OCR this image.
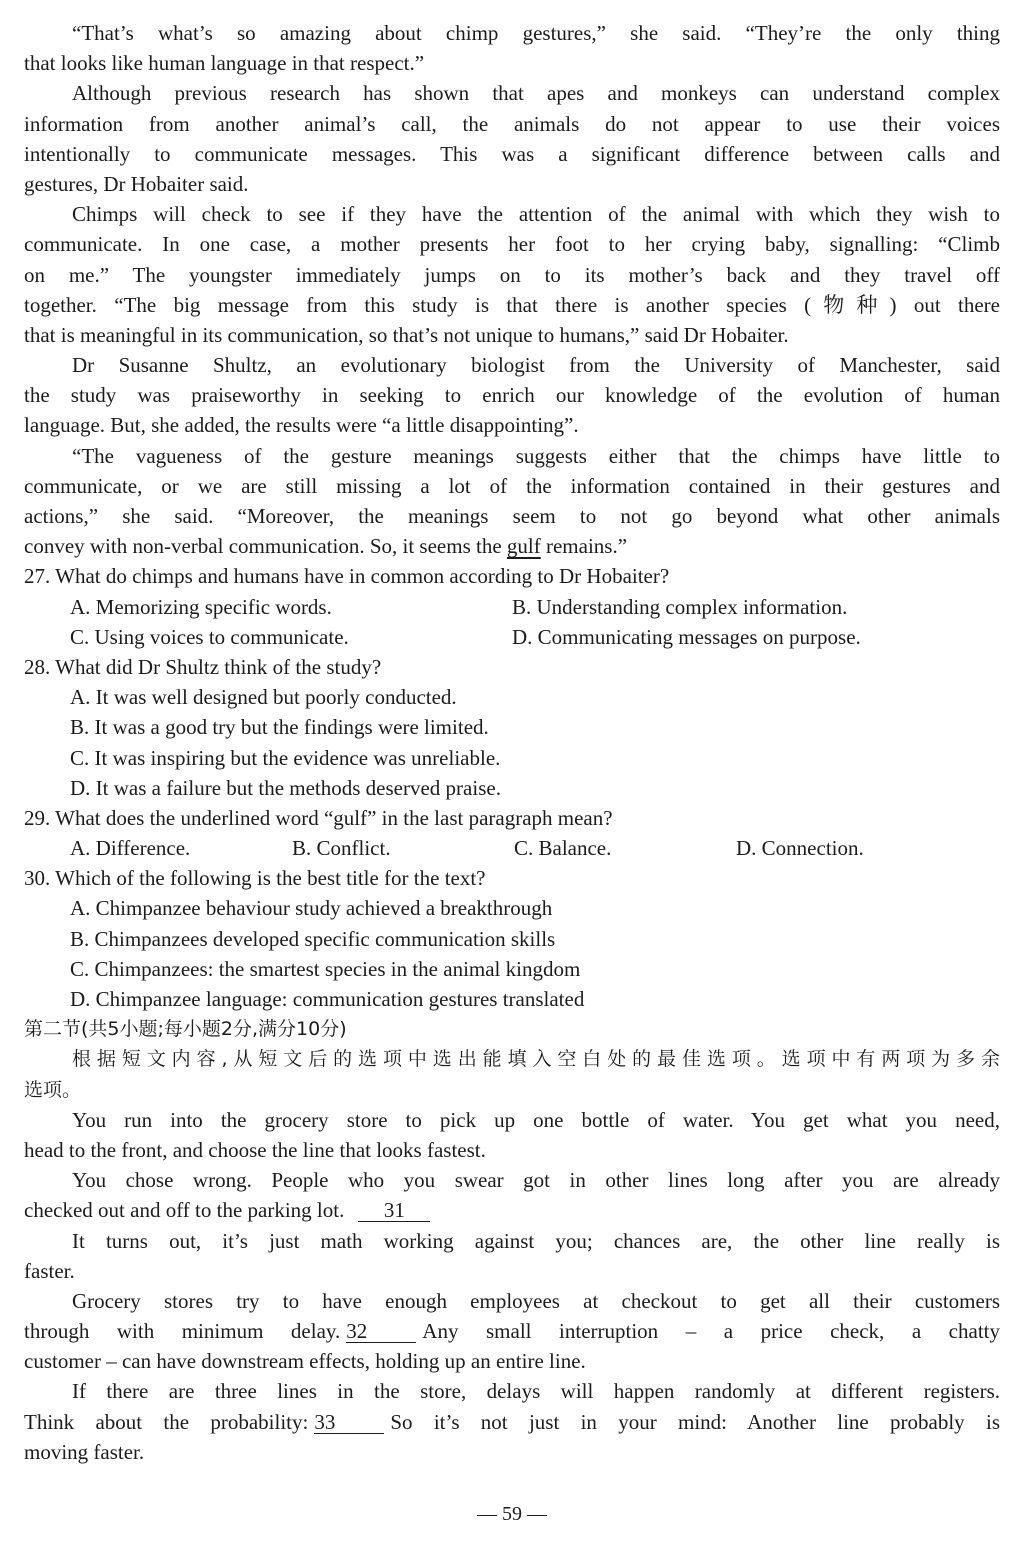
“That’s what’s so amazing about chimp gestures,” she said. “They’re the only thing
that looks like human language in that respect.”
Although previous research has shown that apes and monkeys can understand complex
information from another animal’s call, the animals do not appear to use their voices
intentionally to communicate messages. This was a significant difference between calls and
gestures, Dr Hobaiter said.
Chimps will check to see if they have the attention of the animal with which they wish to
communicate. In one case, a mother presents her foot to her crying baby, signalling: “Climb
on me.” The youngster immediately jumps on to its mother’s back and they travel off
together. “The big message from this study is that there is another species (物种) out there
that is meaningful in its communication, so that’s not unique to humans,” said Dr Hobaiter.
Dr Susanne Shultz, an evolutionary biologist from the University of Manchester, said
the study was praiseworthy in seeking to enrich our knowledge of the evolution of human
language. But, she added, the results were “a little disappointing”.
“The vagueness of the gesture meanings suggests either that the chimps have little to
communicate, or we are still missing a lot of the information contained in their gestures and
actions,” she said. “Moreover, the meanings seem to not go beyond what other animals
convey with non-verbal communication. So, it seems the gulf remains.”
27. What do chimps and humans have in common according to Dr Hobaiter?
A. Memorizing specific words.	B. Understanding complex information.
C. Using voices to communicate.	D. Communicating messages on purpose.
28. What did Dr Shultz think of the study?
A. It was well designed but poorly conducted.
B. It was a good try but the findings were limited.
C. It was inspiring but the evidence was unreliable.
D. It was a failure but the methods deserved praise.
29. What does the underlined word “gulf” in the last paragraph mean?
A. Difference.	B. Conflict.	C. Balance.	D. Connection.
30. Which of the following is the best title for the text?
A. Chimpanzee behaviour study achieved a breakthrough
B. Chimpanzees developed specific communication skills
C. Chimpanzees: the smartest species in the animal kingdom
D. Chimpanzee language: communication gestures translated
第二节(共5小题;每小题2分,满分10分)
根据短文内容,从短文后的选项中选出能填入空白处的最佳选项。选项中有两项为多余
选项。
You run into the grocery store to pick up one bottle of water. You get what you need,
head to the front, and choose the line that looks fastest.
You chose wrong. People who you swear got in other lines long after you are already
checked out and off to the parking lot. 31
It turns out, it’s just math working against you; chances are, the other line really is
faster.
Grocery stores try to have enough employees at checkout to get all their customers
through with minimum delay. 32	Any small interruption – a price check, a chatty
customer – can have downstream effects, holding up an entire line.
If there are three lines in the store, delays will happen randomly at different registers.
Think about the probability: 33	So it’s not just in your mind: Another line probably is
moving faster.
— 59 —
